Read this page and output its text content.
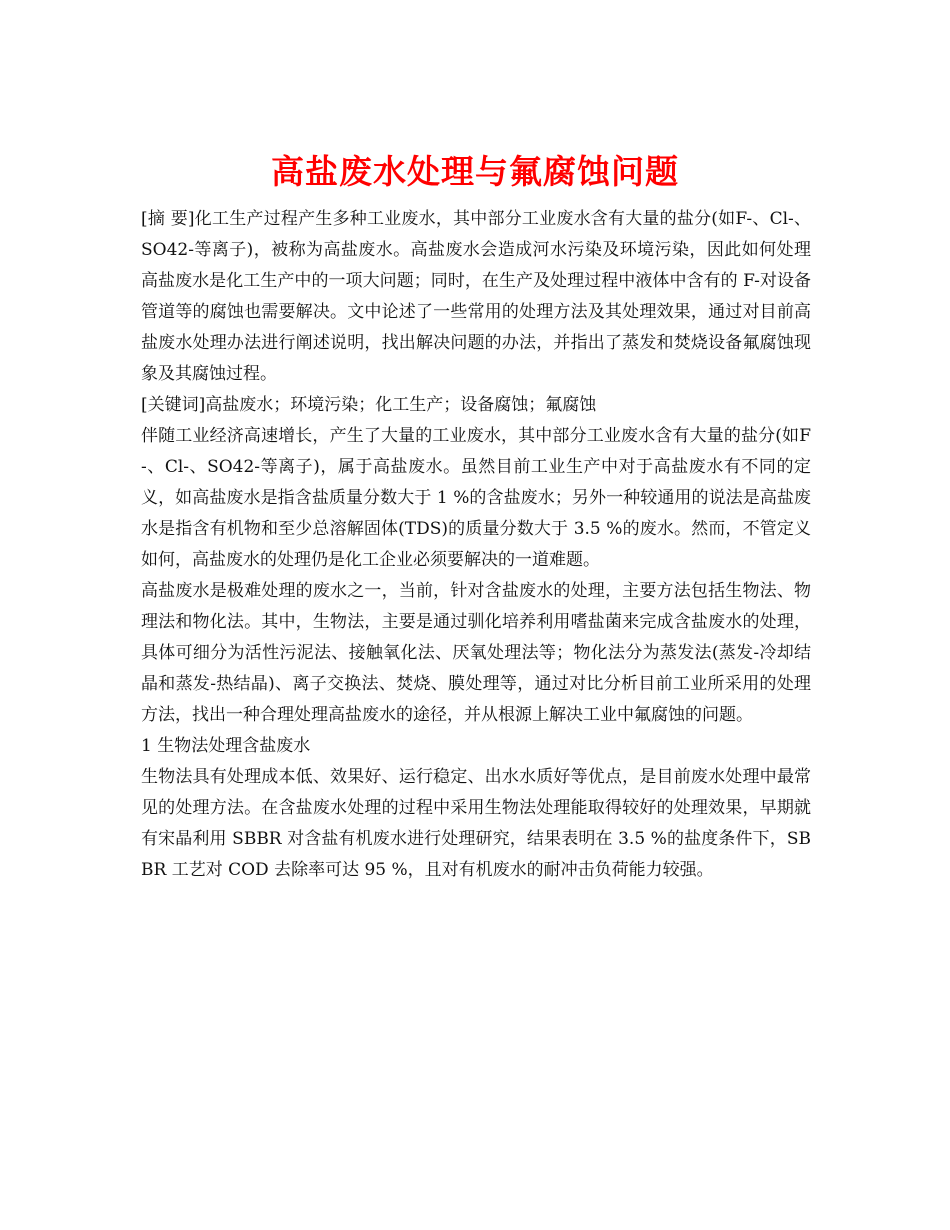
高盐废水处理与氟腐蚀问题

[摘 要]化工生产过程产生多种工业废水，其中部分工业废水含有大量的盐分(如F-、Cl-、SO42-等离子)，被称为高盐废水。高盐废水会造成河水污染及环境污染，因此如何处理高盐废水是化工生产中的一项大问题；同时，在生产及处理过程中液体中含有的 F-对设备管道等的腐蚀也需要解决。文中论述了一些常用的处理方法及其处理效果，通过对目前高盐废水处理办法进行阐述说明，找出解决问题的办法，并指出了蒸发和焚烧设备氟腐蚀现象及其腐蚀过程。

[关键词]高盐废水；环境污染；化工生产；设备腐蚀；氟腐蚀

伴随工业经济高速增长，产生了大量的工业废水，其中部分工业废水含有大量的盐分(如F-、Cl-、SO42-等离子)，属于高盐废水。虽然目前工业生产中对于高盐废水有不同的定义，如高盐废水是指含盐质量分数大于 1 %的含盐废水；另外一种较通用的说法是高盐废水是指含有机物和至少总溶解固体(TDS)的质量分数大于 3.5 %的废水。然而，不管定义如何，高盐废水的处理仍是化工企业必须要解决的一道难题。

高盐废水是极难处理的废水之一，当前，针对含盐废水的处理，主要方法包括生物法、物理法和物化法。其中，生物法，主要是通过驯化培养利用嗜盐菌来完成含盐废水的处理，具体可细分为活性污泥法、接触氧化法、厌氧处理法等；物化法分为蒸发法(蒸发-冷却结晶和蒸发-热结晶)、离子交换法、焚烧、膜处理等，通过对比分析目前工业所采用的处理方法，找出一种合理处理高盐废水的途径，并从根源上解决工业中氟腐蚀的问题。

1 生物法处理含盐废水

生物法具有处理成本低、效果好、运行稳定、出水水质好等优点，是目前废水处理中最常见的处理方法。在含盐废水处理的过程中采用生物法处理能取得较好的处理效果，早期就有宋晶利用 SBBR 对含盐有机废水进行处理研究，结果表明在 3.5 %的盐度条件下，SBBR 工艺对 COD 去除率可达 95 %，且对有机废水的耐冲击负荷能力较强。
